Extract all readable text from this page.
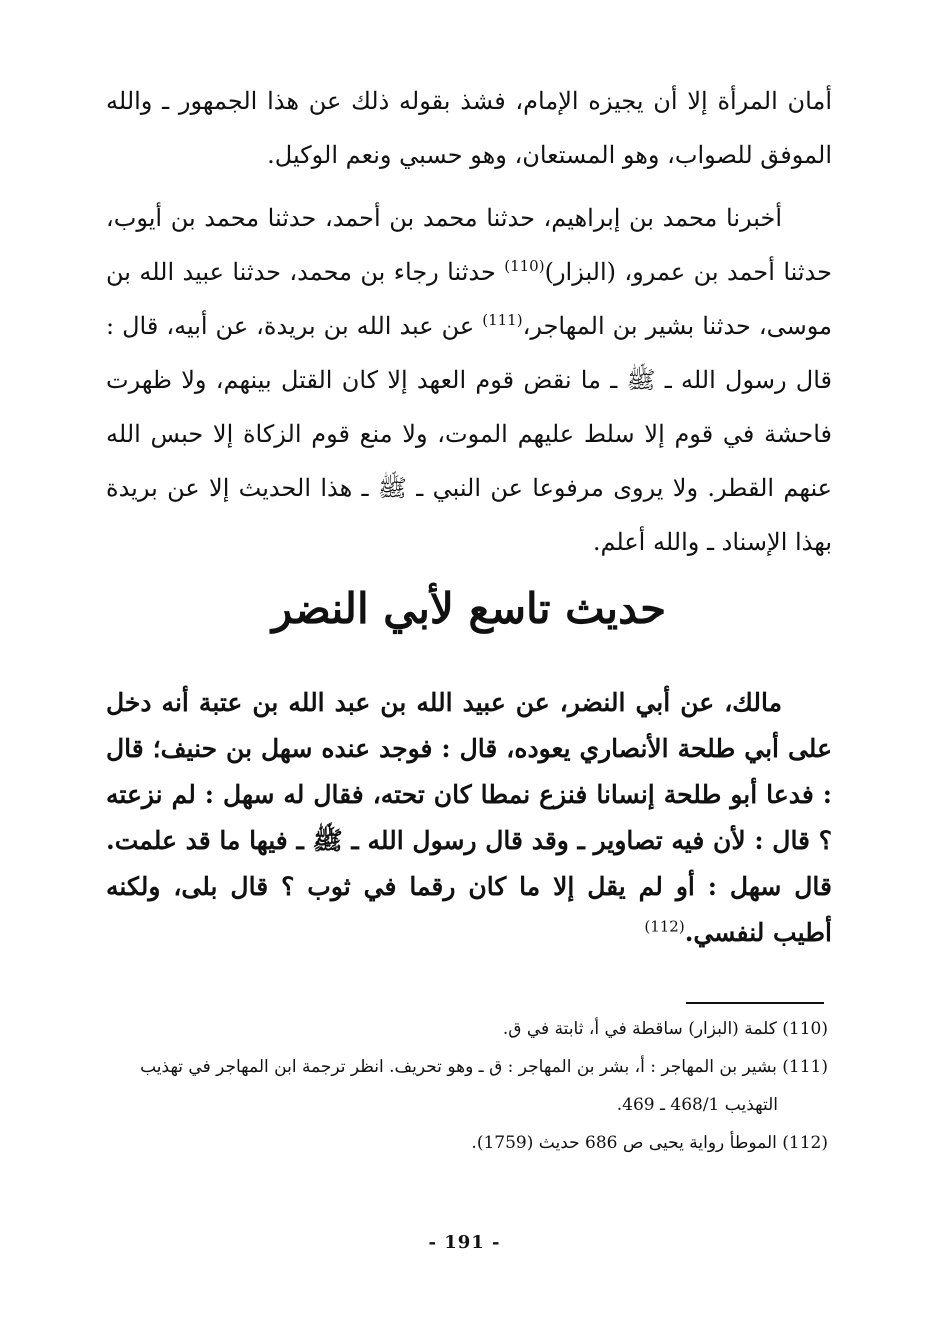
أمان المرأة إلا أن يجيزه الإمام، فشذ بقوله ذلك عن هذا الجمهور ـ والله الموفق للصواب، وهو المستعان، وهو حسبي ونعم الوكيل.

أخبرنا محمد بن إبراهيم، حدثنا محمد بن أحمد، حدثنا محمد بن أيوب، حدثنا أحمد بن عمرو، (البزار)$^{(110)}$ حدثنا رجاء بن محمد، حدثنا عبيد الله بن موسى، حدثنا بشير بن المهاجر،$^{(111)}$ عن عبد الله بن بريدة، عن أبيه، قال : قال رسول الله ـ ﷺ ـ ما نقض قوم العهد إلا كان القتل بينهم، ولا ظهرت فاحشة في قوم إلا سلط عليهم الموت، ولا منع قوم الزكاة إلا حبس الله عنهم القطر. ولا يروى مرفوعا عن النبي ـ ﷺ ـ هذا الحديث إلا عن بريدة بهذا الإسناد ـ والله أعلم.

حديث تاسع لأبي النضر

مالك، عن أبي النضر، عن عبيد الله بن عبد الله بن عتبة أنه دخل على أبي طلحة الأنصاري يعوده، قال : فوجد عنده سهل بن حنيف؛ قال : فدعا أبو طلحة إنسانا فنزع نمطا كان تحته، فقال له سهل : لم نزعته ؟ قال : لأن فيه تصاوير ـ وقد قال رسول الله ـ ﷺ ـ فيها ما قد علمت. قال سهل : أو لم يقل إلا ما كان رقما في ثوب ؟ قال بلى، ولكنه أطيب لنفسي.$^{(112)}$

(110) كلمة (البزار) ساقطة في أ، ثابتة في ق.
(111) بشير بن المهاجر : أ، بشر بن المهاجر : ق ـ وهو تحريف. انظر ترجمة ابن المهاجر في تهذيب
التهذيب 468/1 ـ 469.
(112) الموطأ رواية يحيى ص 686 حديث (1759).
- 191 -
